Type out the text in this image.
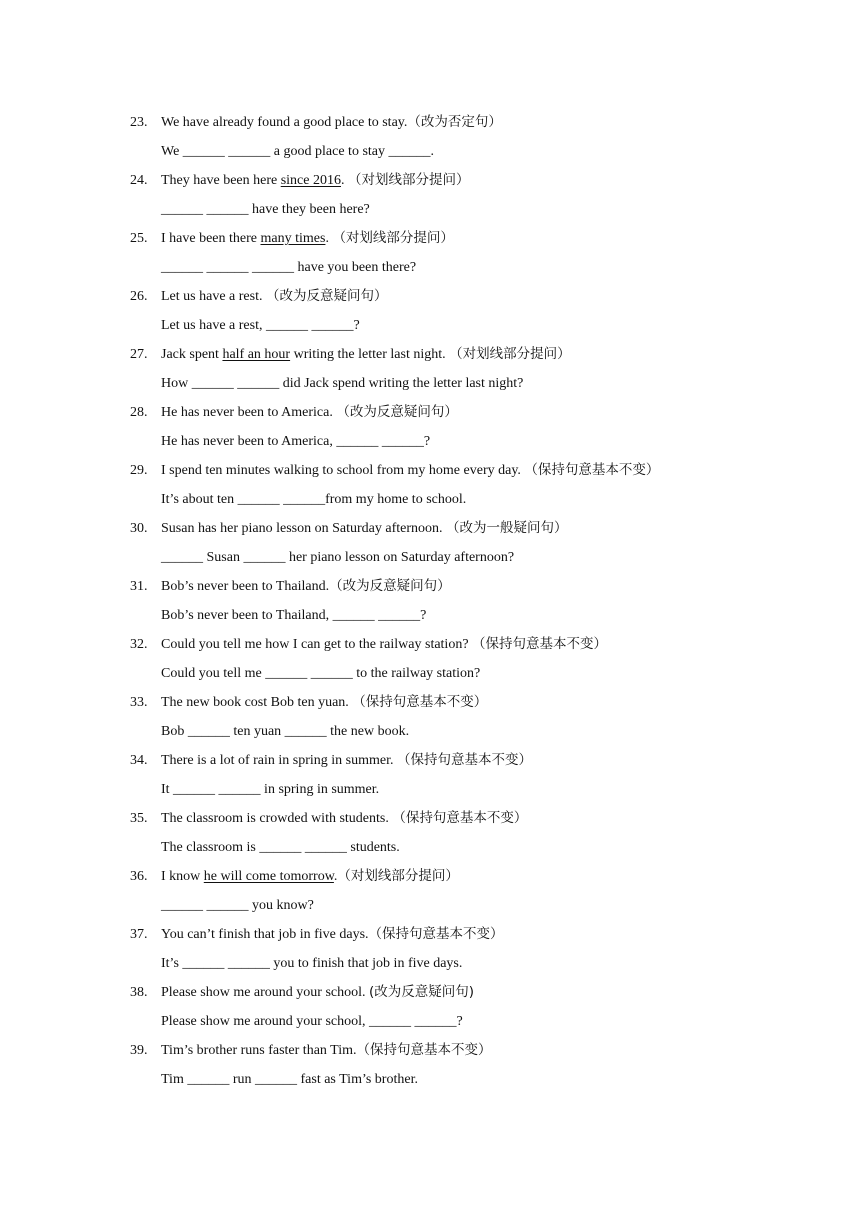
23. We have already found a good place to stay.（改为否定句）
We ______ ______ a good place to stay ______.
24. They have been here since 2016. （对划线部分提问）
______ ______ have they been here?
25. I have been there many times. （对划线部分提问）
______ ______ ______ have you been there?
26. Let us have a rest. （改为反意疑问句）
Let us have a rest, ______ ______?
27. Jack spent half an hour writing the letter last night. （对划线部分提问）
How ______ ______ did Jack spend writing the letter last night?
28. He has never been to America. （改为反意疑问句）
He has never been to America, ______ ______?
29. I spend ten minutes walking to school from my home every day. （保持句意基本不变）
It’s about ten ______ ______from my home to school.
30. Susan has her piano lesson on Saturday afternoon. （改为一般疑问句）
______ Susan ______ her piano lesson on Saturday afternoon?
31. Bob’s never been to Thailand.（改为反意疑问句）
Bob’s never been to Thailand, ______ ______?
32. Could you tell me how I can get to the railway station? （保持句意基本不变）
Could you tell me ______ ______ to the railway station?
33. The new book cost Bob ten yuan. （保持句意基本不变）
Bob ______ ten yuan ______ the new book.
34. There is a lot of rain in spring in summer. （保持句意基本不变）
It ______ ______ in spring in summer.
35. The classroom is crowded with students. （保持句意基本不变）
The classroom is ______ ______ students.
36. I know he will come tomorrow.（对划线部分提问）
______ ______ you know?
37. You can’t finish that job in five days.（保持句意基本不变）
It’s ______ ______ you to finish that job in five days.
38. Please show me around your school. (改为反意疑问句)
Please show me around your school, ______ ______?
39. Tim’s brother runs faster than Tim.（保持句意基本不变）
Tim ______ run ______ fast as Tim’s brother.
